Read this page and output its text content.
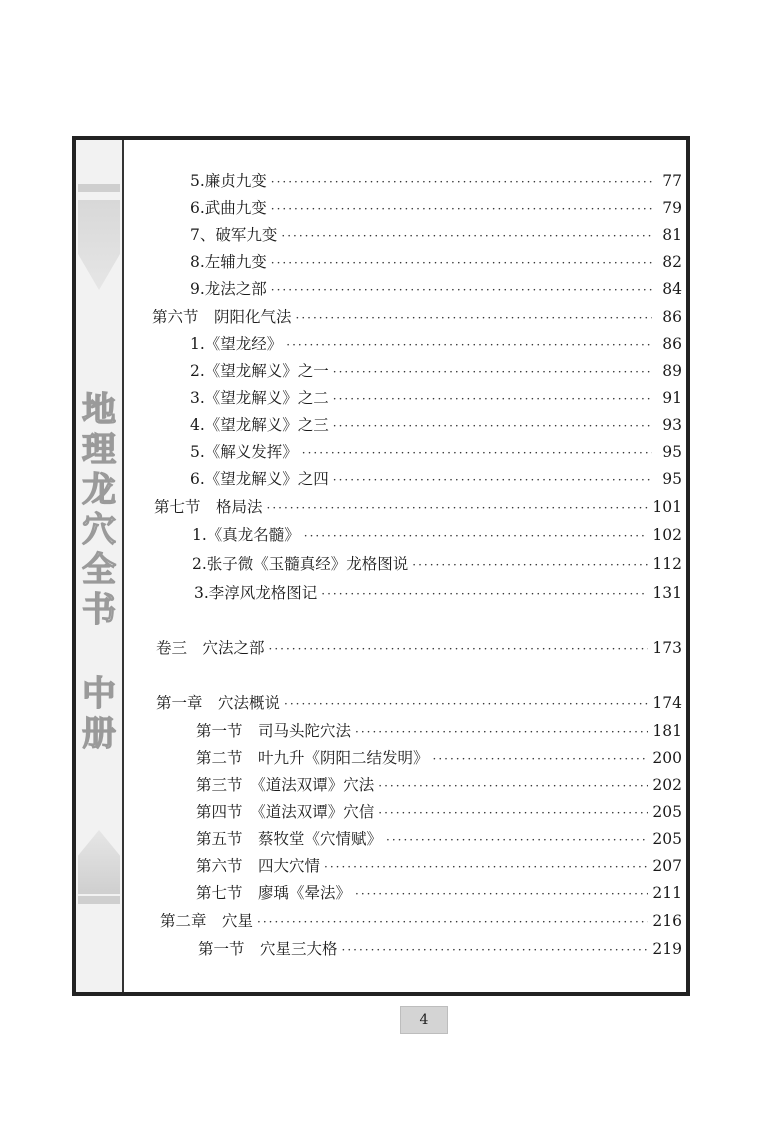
地
理
龙
穴
全
书
中
册
5.廉贞九变 ·····	77
6.武曲九变 ·····	79
7、破军九变 ·····	81
8.左辅九变 ·····	82
9.龙法之部 ·····	84
第六节　阴阳化气法 ·····	86
1.《望龙经》 ·····	86
2.《望龙解义》之一 ·····	89
3.《望龙解义》之二 ·····	91
4.《望龙解义》之三 ·····	93
5.《解义发挥》 ·····	95
6.《望龙解义》之四 ·····	95
第七节　格局法 ·····	101
1.《真龙名髓》 ·····	102
2.张子微《玉髓真经》龙格图说 ·····	112
3.李淳风龙格图记 ·····	131
卷三　穴法之部 ·····	173
第一章　穴法概说 ·····	174
第一节　司马头陀穴法 ·····	181
第二节　叶九升《阴阳二结发明》 ·····	200
第三节　《道法双谭》穴法 ·····	202
第四节　《道法双谭》穴信 ·····	205
第五节　蔡牧堂《穴情赋》 ·····	205
第六节　四大穴情 ·····	207
第七节　廖瑀《晕法》 ·····	211
第二章　穴星 ·····	216
第一节　穴星三大格 ·····	219
4
